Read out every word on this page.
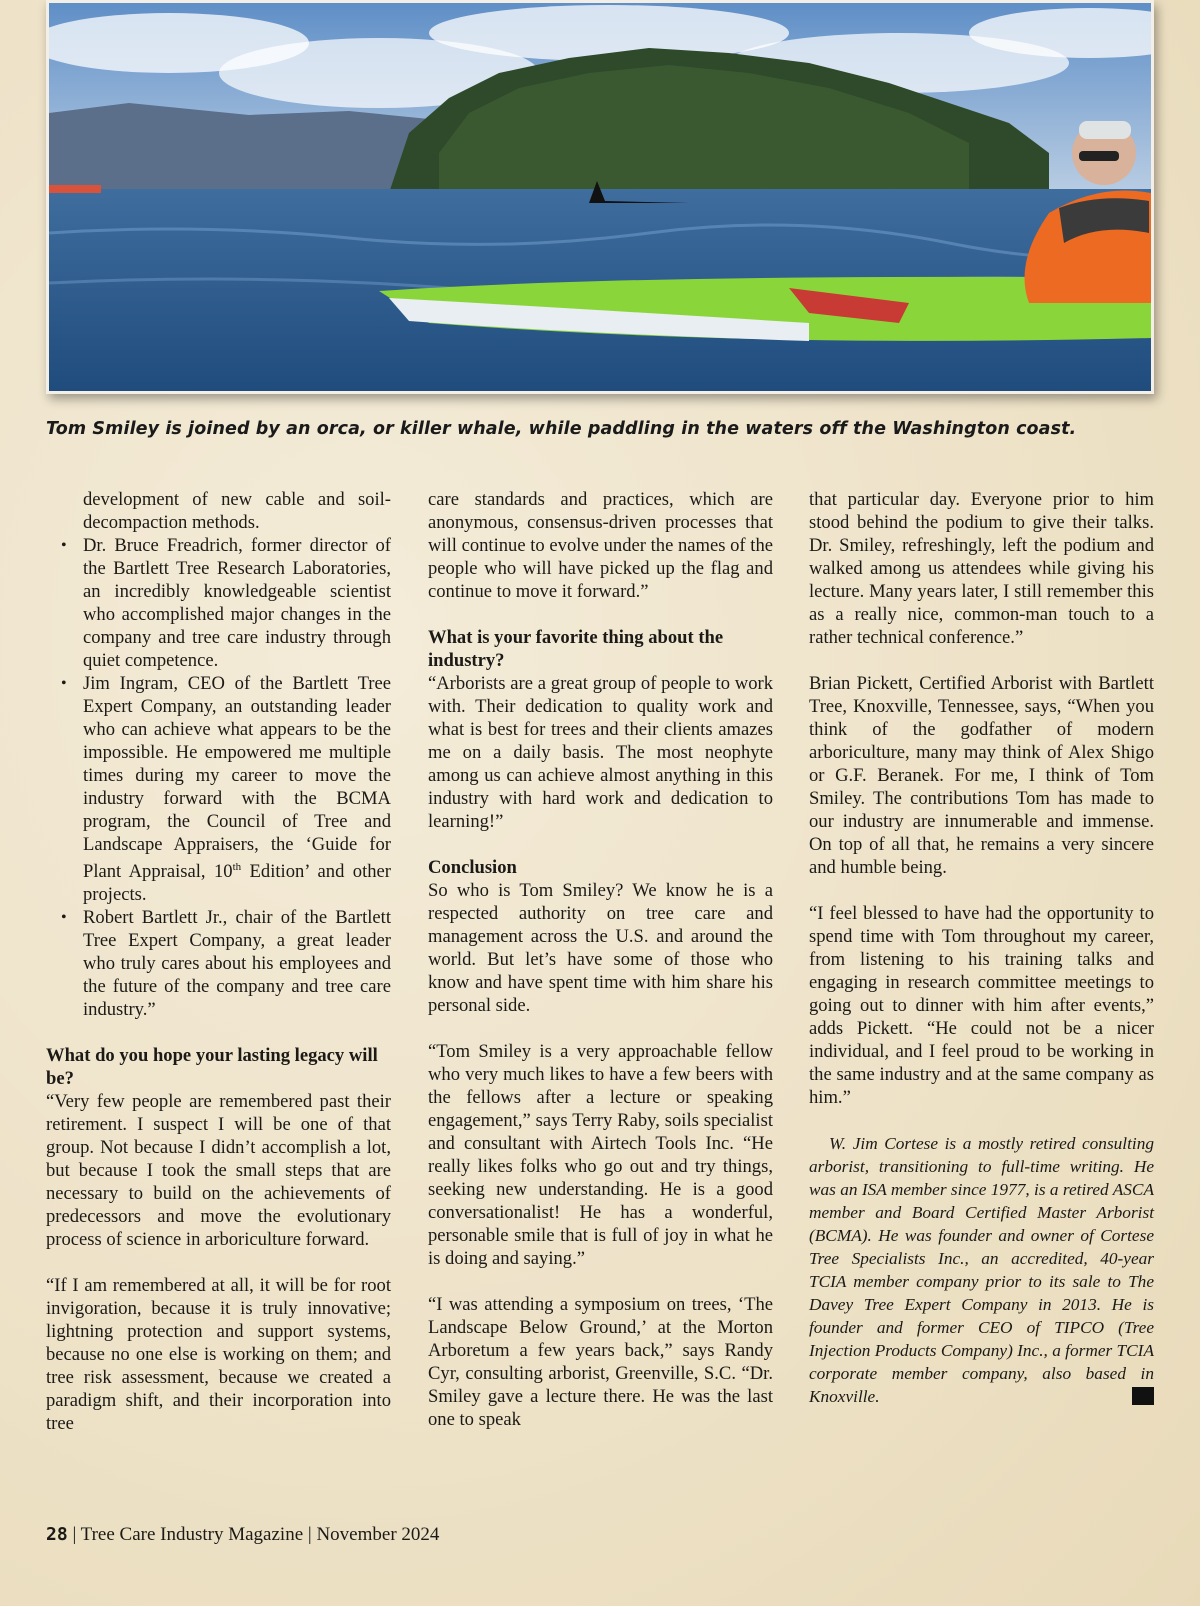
Tom Smiley is joined by an orca, or killer whale, while paddling in the waters off the Washington coast.

development of new cable and soil-decompaction methods.

• Dr. Bruce Freadrich, former director of the Bartlett Tree Research Laboratories, an incredibly knowledgeable scientist who accomplished major changes in the company and tree care industry through quiet competence.
• Jim Ingram, CEO of the Bartlett Tree Expert Company, an outstanding leader who can achieve what appears to be the impossible. He empowered me multiple times during my career to move the industry forward with the BCMA program, the Council of Tree and Landscape Appraisers, the ‘Guide for Plant Appraisal, 10th Edition’ and other projects.
• Robert Bartlett Jr., chair of the Bartlett Tree Expert Company, a great leader who truly cares about his employees and the future of the company and tree care industry.”
What do you hope your lasting legacy will be?

“Very few people are remembered past their retirement. I suspect I will be one of that group. Not because I didn’t accomplish a lot, but because I took the small steps that are necessary to build on the achievements of predecessors and move the evolutionary process of science in arboriculture forward.

“If I am remembered at all, it will be for root invigoration, because it is truly innovative; lightning protection and support systems, because no one else is working on them; and tree risk assessment, because we created a paradigm shift, and their incorporation into tree

care standards and practices, which are anonymous, consensus-driven processes that will continue to evolve under the names of the people who will have picked up the flag and continue to move it forward.”

What is your favorite thing about the industry?

“Arborists are a great group of people to work with. Their dedication to quality work and what is best for trees and their clients amazes me on a daily basis. The most neophyte among us can achieve almost anything in this industry with hard work and dedication to learning!”

Conclusion

So who is Tom Smiley? We know he is a respected authority on tree care and management across the U.S. and around the world. But let’s have some of those who know and have spent time with him share his personal side.

“Tom Smiley is a very approachable fellow who very much likes to have a few beers with the fellows after a lecture or speaking engagement,” says Terry Raby, soils specialist and consultant with Airtech Tools Inc. “He really likes folks who go out and try things, seeking new understanding. He is a good conversationalist! He has a wonderful, personable smile that is full of joy in what he is doing and saying.”

“I was attending a symposium on trees, ‘The Landscape Below Ground,’ at the Morton Arboretum a few years back,” says Randy Cyr, consulting arborist, Greenville, S.C. “Dr. Smiley gave a lecture there. He was the last one to speak

that particular day. Everyone prior to him stood behind the podium to give their talks. Dr. Smiley, refreshingly, left the podium and walked among us attendees while giving his lecture. Many years later, I still remember this as a really nice, common-man touch to a rather technical conference.”

Brian Pickett, Certified Arborist with Bartlett Tree, Knoxville, Tennessee, says, “When you think of the godfather of modern arboriculture, many may think of Alex Shigo or G.F. Beranek. For me, I think of Tom Smiley. The contributions Tom has made to our industry are innumerable and immense. On top of all that, he remains a very sincere and humble being.

“I feel blessed to have had the opportunity to spend time with Tom throughout my career, from listening to his training talks and engaging in research committee meetings to going out to dinner with him after events,” adds Pickett. “He could not be a nicer individual, and I feel proud to be working in the same industry and at the same company as him.”

W. Jim Cortese is a mostly retired consulting arborist, transitioning to full-time writing. He was an ISA member since 1977, is a retired ASCA member and Board Certified Master Arborist (BCMA). He was founder and owner of Cortese Tree Specialists Inc., an accredited, 40-year TCIA member company prior to its sale to The Davey Tree Expert Company in 2013. He is founder and former CEO of TIPCO (Tree Injection Products Company) Inc., a former TCIA corporate member company, also based in Knoxville.

28 | Tree Care Industry Magazine | November 2024
